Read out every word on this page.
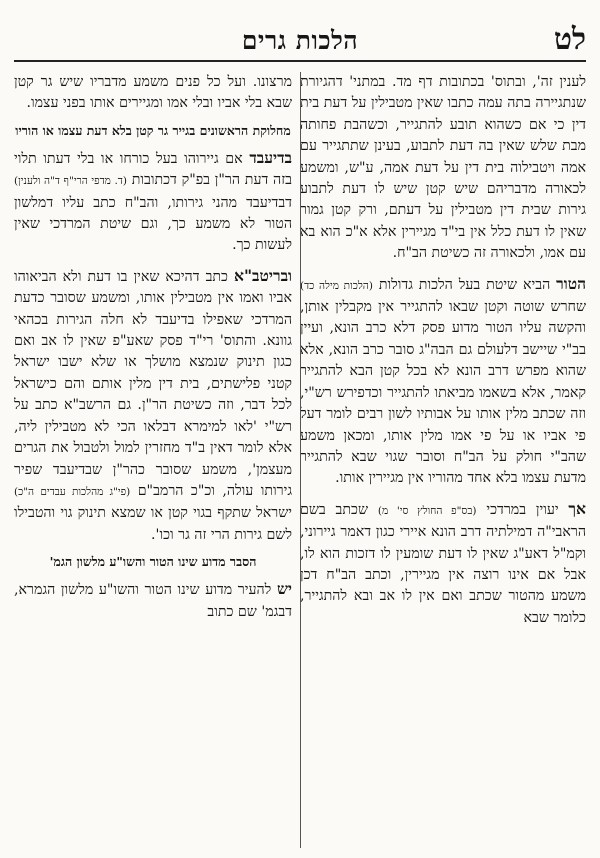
הלכות גרים	לט

לענין זה', ובתוס' בכתובות דף מד. במתני' דהגיורת שנתגיירה בתה עמה כתבו שאין מטבילין על דעת בית דין כי אם כשהוא תובע להתגייר, וכשהבת פחותה מבת שלש שאין בה דעת לתבוע, בעינן שתתגייר עם אמה ויטבילוה בית דין על דעת אמה, ע"ש, ומשמע לכאורה מדבריהם שיש קטן שיש לו דעת לתבוע גירות שבית דין מטבילין על דעתם, ורק קטן גמור שאין לו דעת כלל אין בי"ד מגיירין אלא א"כ הוא בא עם אמו, ולכאורה זה כשיטת הב"ח.

הטור הביא שיטת בעל הלכות גדולות (הלכות מילה כד) שחרש שוטה וקטן שבאו להתגייר אין מקבלין אותן, והקשה עליו הטור מדוע פסק דלא כרב הונא, ועיין בב"י שיישב דלעולם גם הבה"ג סובר כרב הונא, אלא שהוא מפרש דרב הונא לא בכל קטן הבא להתגייר קאמר, אלא בשאמו מביאתו להתגייר וכדפירש רש"י, וזה שכתב מלין אותו על אבותיו לשון רבים לומר דעל פי אביו או על פי אמו מלין אותו, ומכאן משמע שהב"י חולק על הב"ח וסובר שגוי שבא להתגייר מדעת עצמו בלא אחד מהוריו אין מגיירין אותו.

אך יעוין במרדכי (בס"פ החולץ סי' מ) שכתב בשם הראבי"ה דמילתיה דרב הונא איירי כגון דאמר גיירוני, וקמ"ל דאע"ג שאין לו דעת שומעין לו דזכות הוא לו, אבל אם אינו רוצה אין מגיירין, וכתב הב"ח דכן משמע מהטור שכתב ואם אין לו אב ובא להתגייר, כלומר שבא

מרצונו. ועל כל פנים משמע מדבריו שיש גר קטן שבא בלי אביו ובלי אמו ומגיירים אותו בפני עצמו.

מחלוקת הראשונים בגייר גר קטן בלא דעת עצמו או הוריו

בדיעבד אם גיירוהו בעל כורחו או בלי דעתו תלוי בזה דעת הר"ן בפ"ק דכתובות (ד. מדפי הרי"ף ד"ה ולענין) דבדיעבד מהני גירותו, והב"ח כתב עליו דמלשון הטור לא משמע כך, וגם שיטת המרדכי שאין לעשות כך.

ובריטב"א כתב דהיכא שאין בו דעת ולא הביאוהו אביו ואמו אין מטבילין אותו, ומשמע שסובר כדעת המרדכי שאפילו בדיעבד לא חלה הגירות בכהאי גוונא. והתוס' רי"ד פסק שאע"פ שאין לו אב ואם כגון תינוק שנמצא מושלך או שלא ישבו ישראל קטני פלישתים, בית דין מלין אותם והם כישראל לכל דבר, וזה כשיטת הר"ן. גם הרשב"א כתב על רש"י 'לאו למימרא דבלאו הכי לא מטבילין ליה, אלא לומר דאין ב"ד מחזרין למול ולטבול את הגרים מעצמן', משמע שסובר כהר"ן שבדיעבד שפיר גירותו עולה, וכ"כ הרמב"ם (פי"ג מהלכות עבדים ה"כ) ישראל שתקף בגוי קטן או שמצא תינוק גוי והטבילו לשם גירות הרי זה גר וכו'.

הסבר מדוע שינו הטור והשו"ע מלשון הגמ'

יש להעיר מדוע שינו הטור והשו"ע מלשון הגמרא, דבגמ' שם כתוב
